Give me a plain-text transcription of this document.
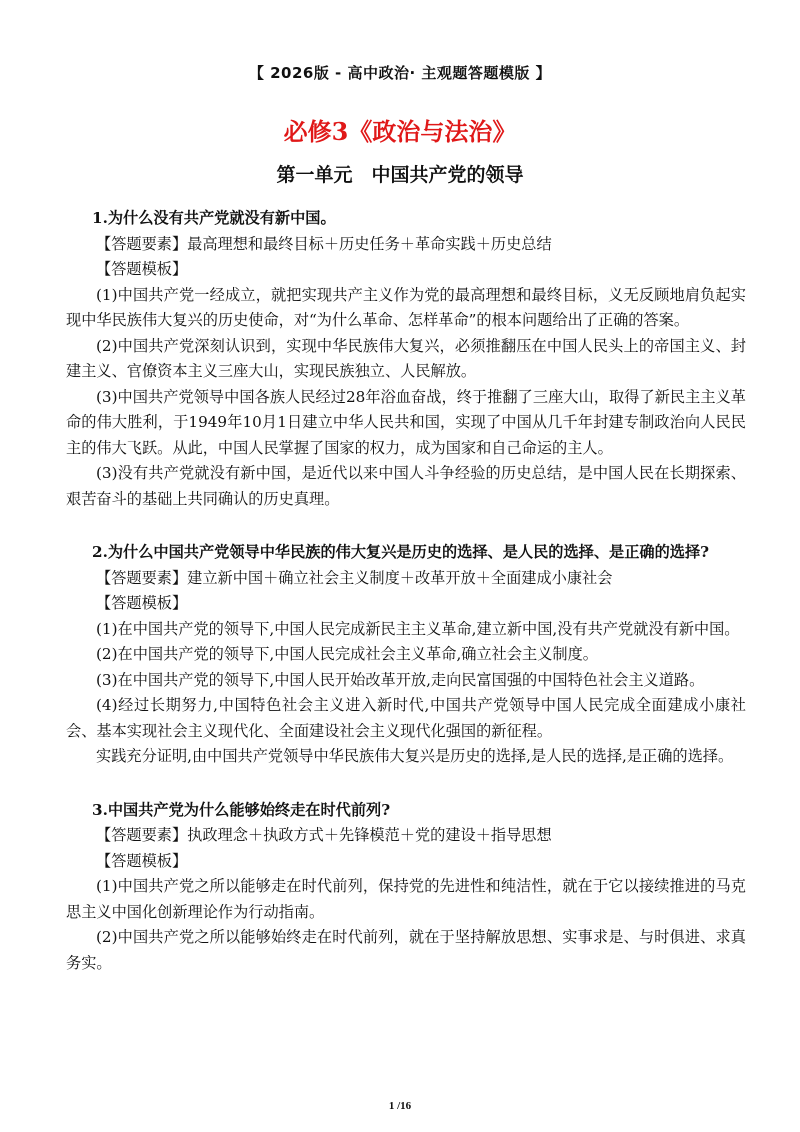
【 2026版 - 高中政治· 主观题答题模版 】
必修3《政治与法治》
第一单元　中国共产党的领导

1.为什么没有共产党就没有新中国。

【答题要素】最高理想和最终目标＋历史任务＋革命实践＋历史总结

【答题模板】

(1)中国共产党一经成立，就把实现共产主义作为党的最高理想和最终目标，义无反顾地肩负起实现中华民族伟大复兴的历史使命，对“为什么革命、怎样革命”的根本问题给出了正确的答案。

(2)中国共产党深刻认识到，实现中华民族伟大复兴，必须推翻压在中国人民头上的帝国主义、封建主义、官僚资本主义三座大山，实现民族独立、人民解放。

(3)中国共产党领导中国各族人民经过28年浴血奋战，终于推翻了三座大山，取得了新民主主义革命的伟大胜利，于1949年10月1日建立中华人民共和国，实现了中国从几千年封建专制政治向人民民主的伟大飞跃。从此，中国人民掌握了国家的权力，成为国家和自己命运的主人。

(3)没有共产党就没有新中国，是近代以来中国人斗争经验的历史总结，是中国人民在长期探索、艰苦奋斗的基础上共同确认的历史真理。

2.为什么中国共产党领导中华民族的伟大复兴是历史的选择、是人民的选择、是正确的选择?

【答题要素】建立新中国＋确立社会主义制度＋改革开放＋全面建成小康社会

【答题模板】

(1)在中国共产党的领导下,中国人民完成新民主主义革命,建立新中国,没有共产党就没有新中国。

(2)在中国共产党的领导下,中国人民完成社会主义革命,确立社会主义制度。

(3)在中国共产党的领导下,中国人民开始改革开放,走向民富国强的中国特色社会主义道路。

(4)经过长期努力,中国特色社会主义进入新时代,中国共产党领导中国人民完成全面建成小康社会、基本实现社会主义现代化、全面建设社会主义现代化强国的新征程。

实践充分证明,由中国共产党领导中华民族伟大复兴是历史的选择,是人民的选择,是正确的选择。

3.中国共产党为什么能够始终走在时代前列?

【答题要素】执政理念＋执政方式＋先锋模范＋党的建设＋指导思想

【答题模板】

(1)中国共产党之所以能够走在时代前列，保持党的先进性和纯洁性，就在于它以接续推进的马克思主义中国化创新理论作为行动指南。

(2)中国共产党之所以能够始终走在时代前列，就在于坚持解放思想、实事求是、与时俱进、求真务实。

1 /16
